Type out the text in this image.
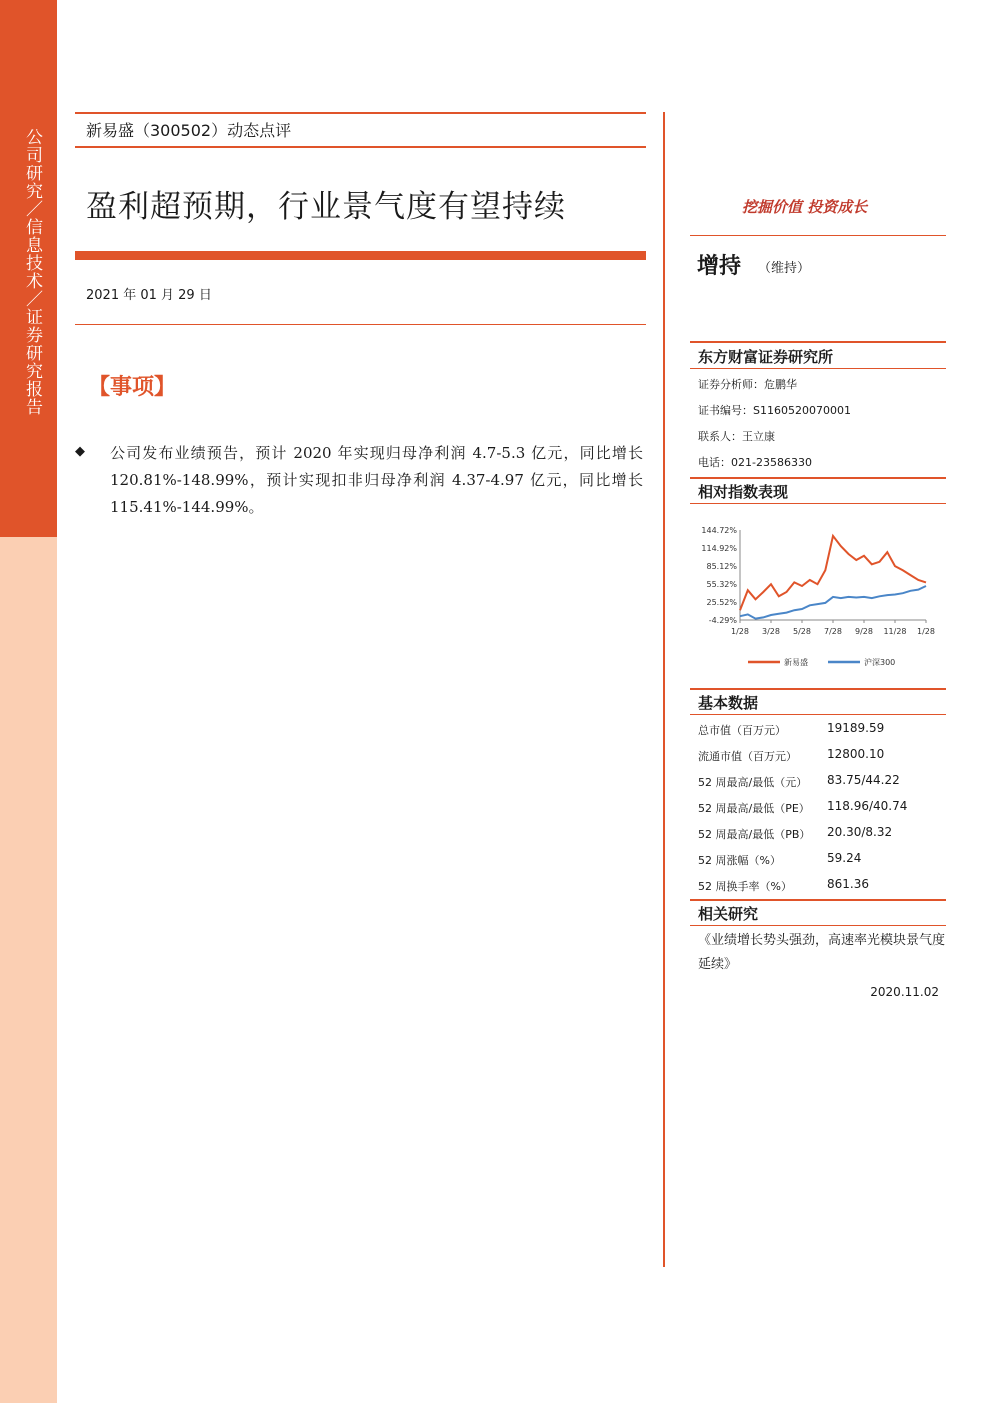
公司研究／信息技术／证券研究报告	新易盛（300502）动态点评
盈利超预期，行业景气度有望持续
2021 年 01 月 29 日
【事项】
◆ 公司发布业绩预告，预计 2020 年实现归母净利润 4.7-5.3 亿元，同比增长 120.81%-148.99%，预计实现扣非归母净利润 4.37-4.97 亿元，同比增长 115.41%-144.99%。
挖掘价值 投资成长
增持 （维持）
东方财富证券研究所
证券分析师：危鹏华
证书编号：S1160520070001
联系人：王立康
电话：021-23586330
相对指数表现
144.72%
114.92%
85.12%
55.32%
25.52%
-4.29%
1/28 3/28 5/28 7/28 9/28 11/28 1/28
新易盛	沪深300
基本数据
总市值（百万元）	19189.59
流通市值（百万元）	12800.10
52 周最高/最低（元） 83.75/44.22
52 周最高/最低（PE） 118.96/40.74
52 周最高/最低（PB） 20.30/8.32
52 周涨幅（%）	59.24
52 周换手率（%）	861.36
相关研究
《业绩增长势头强劲，高速率光模块景气度延续》
2020.11.02
